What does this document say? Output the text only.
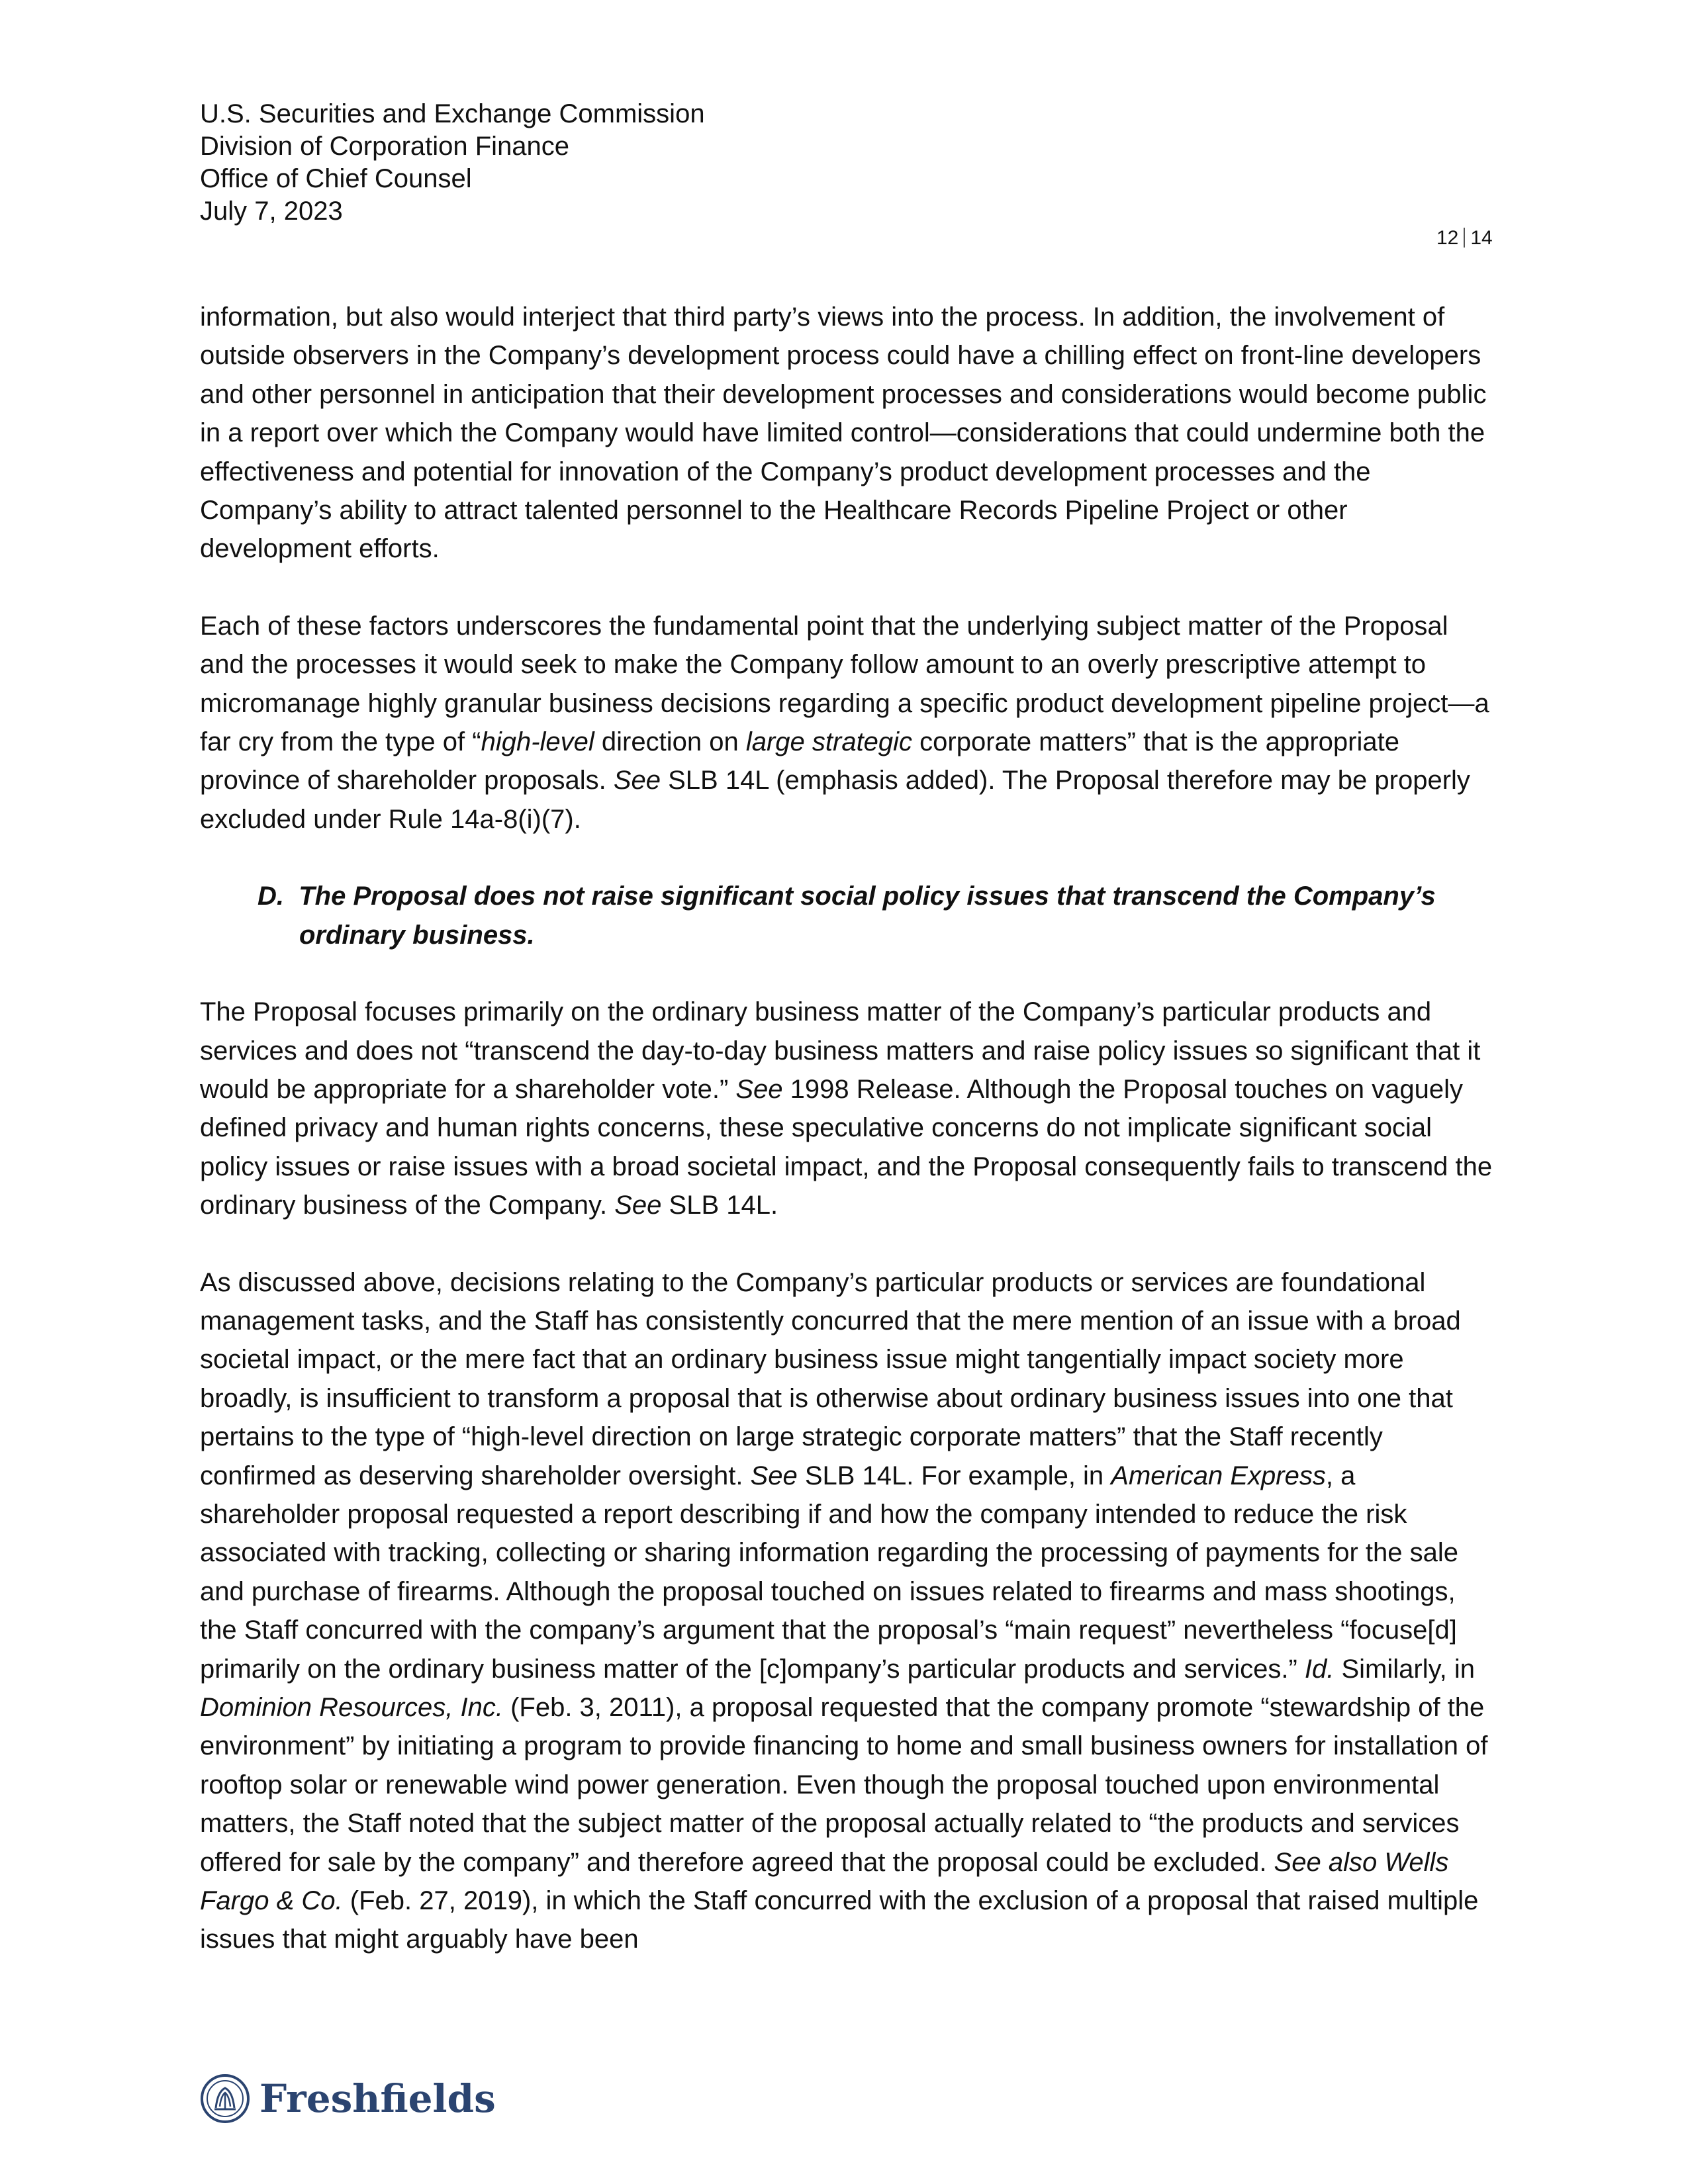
U.S. Securities and Exchange Commission
Division of Corporation Finance
Office of Chief Counsel
July 7, 2023
12 14

information, but also would interject that third party’s views into the process. In addition, the involvement of outside observers in the Company’s development process could have a chilling effect on front-line developers and other personnel in anticipation that their development processes and considerations would become public in a report over which the Company would have limited control—considerations that could undermine both the effectiveness and potential for innovation of the Company’s product development processes and the Company’s ability to attract talented personnel to the Healthcare Records Pipeline Project or other development efforts.

Each of these factors underscores the fundamental point that the underlying subject matter of the Proposal and the processes it would seek to make the Company follow amount to an overly prescriptive attempt to micromanage highly granular business decisions regarding a specific product development pipeline project—a far cry from the type of “high-level direction on large strategic corporate matters” that is the appropriate province of shareholder proposals. See SLB 14L (emphasis added). The Proposal therefore may be properly excluded under Rule 14a-8(i)(7).

D. The Proposal does not raise significant social policy issues that transcend the Company’s ordinary business.

The Proposal focuses primarily on the ordinary business matter of the Company’s particular products and services and does not “transcend the day-to-day business matters and raise policy issues so significant that it would be appropriate for a shareholder vote.” See 1998 Release. Although the Proposal touches on vaguely defined privacy and human rights concerns, these speculative concerns do not implicate significant social policy issues or raise issues with a broad societal impact, and the Proposal consequently fails to transcend the ordinary business of the Company. See SLB 14L.

As discussed above, decisions relating to the Company’s particular products or services are foundational management tasks, and the Staff has consistently concurred that the mere mention of an issue with a broad societal impact, or the mere fact that an ordinary business issue might tangentially impact society more broadly, is insufficient to transform a proposal that is otherwise about ordinary business issues into one that pertains to the type of “high-level direction on large strategic corporate matters” that the Staff recently confirmed as deserving shareholder oversight. See SLB 14L. For example, in American Express, a shareholder proposal requested a report describing if and how the company intended to reduce the risk associated with tracking, collecting or sharing information regarding the processing of payments for the sale and purchase of firearms. Although the proposal touched on issues related to firearms and mass shootings, the Staff concurred with the company’s argument that the proposal’s “main request” nevertheless “focuse[d] primarily on the ordinary business matter of the [c]ompany’s particular products and services.” Id. Similarly, in Dominion Resources, Inc. (Feb. 3, 2011), a proposal requested that the company promote “stewardship of the environment” by initiating a program to provide financing to home and small business owners for installation of rooftop solar or renewable wind power generation. Even though the proposal touched upon environmental matters, the Staff noted that the subject matter of the proposal actually related to “the products and services offered for sale by the company” and therefore agreed that the proposal could be excluded. See also Wells Fargo & Co. (Feb. 27, 2019), in which the Staff concurred with the exclusion of a proposal that raised multiple issues that might arguably have been

Freshfields
